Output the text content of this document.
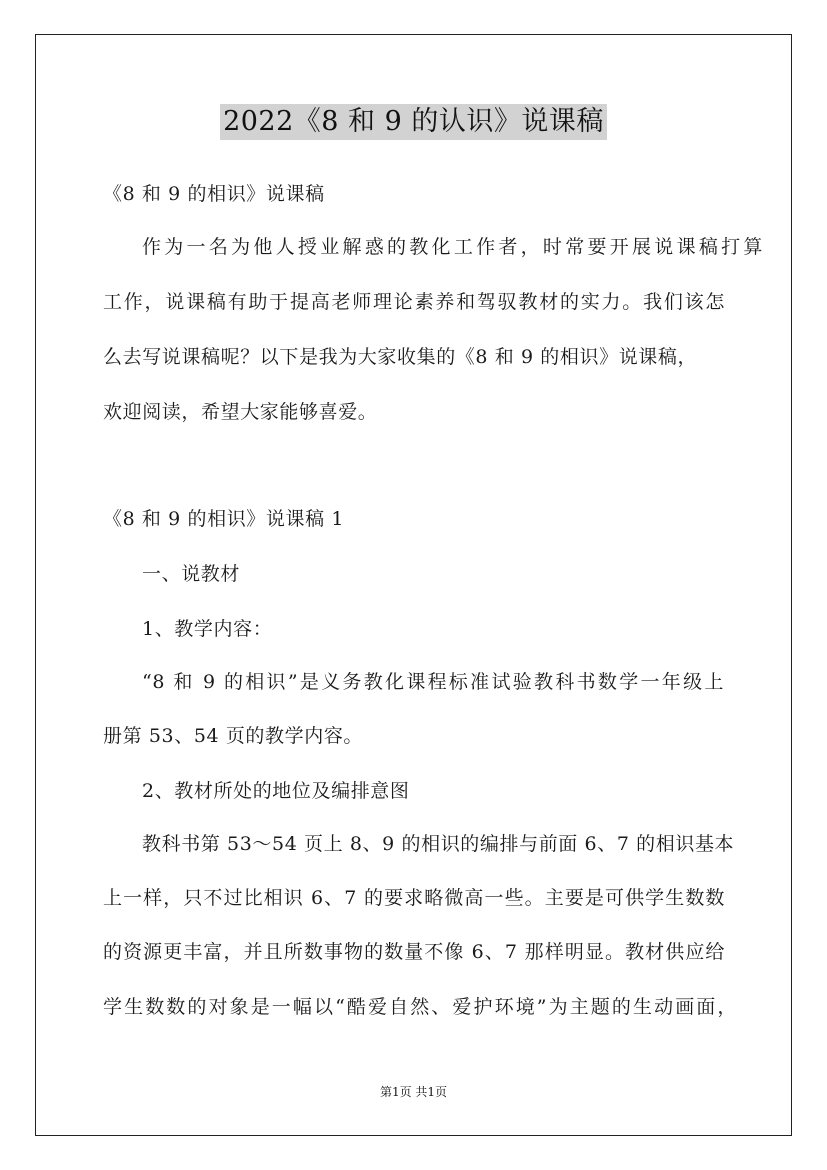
2022《8 和 9 的认识》说课稿
《8 和 9 的相识》说课稿
作为一名为他人授业解惑的教化工作者，时常要开展说课稿打算
工作，说课稿有助于提高老师理论素养和驾驭教材的实力。我们该怎
么去写说课稿呢？以下是我为大家收集的《8 和 9 的相识》说课稿，
欢迎阅读，希望大家能够喜爱。
《8 和 9 的相识》说课稿 1
一、说教材
1、教学内容：
“8 和 9 的相识”是义务教化课程标准试验教科书数学一年级上
册第 53、54 页的教学内容。
2、教材所处的地位及编排意图
教科书第 53～54 页上 8、9 的相识的编排与前面 6、7 的相识基本
上一样，只不过比相识 6、7 的要求略微高一些。主要是可供学生数数
的资源更丰富，并且所数事物的数量不像 6、7 那样明显。教材供应给
学生数数的对象是一幅以“酷爱自然、爱护环境”为主题的生动画面，
第1页 共1页
